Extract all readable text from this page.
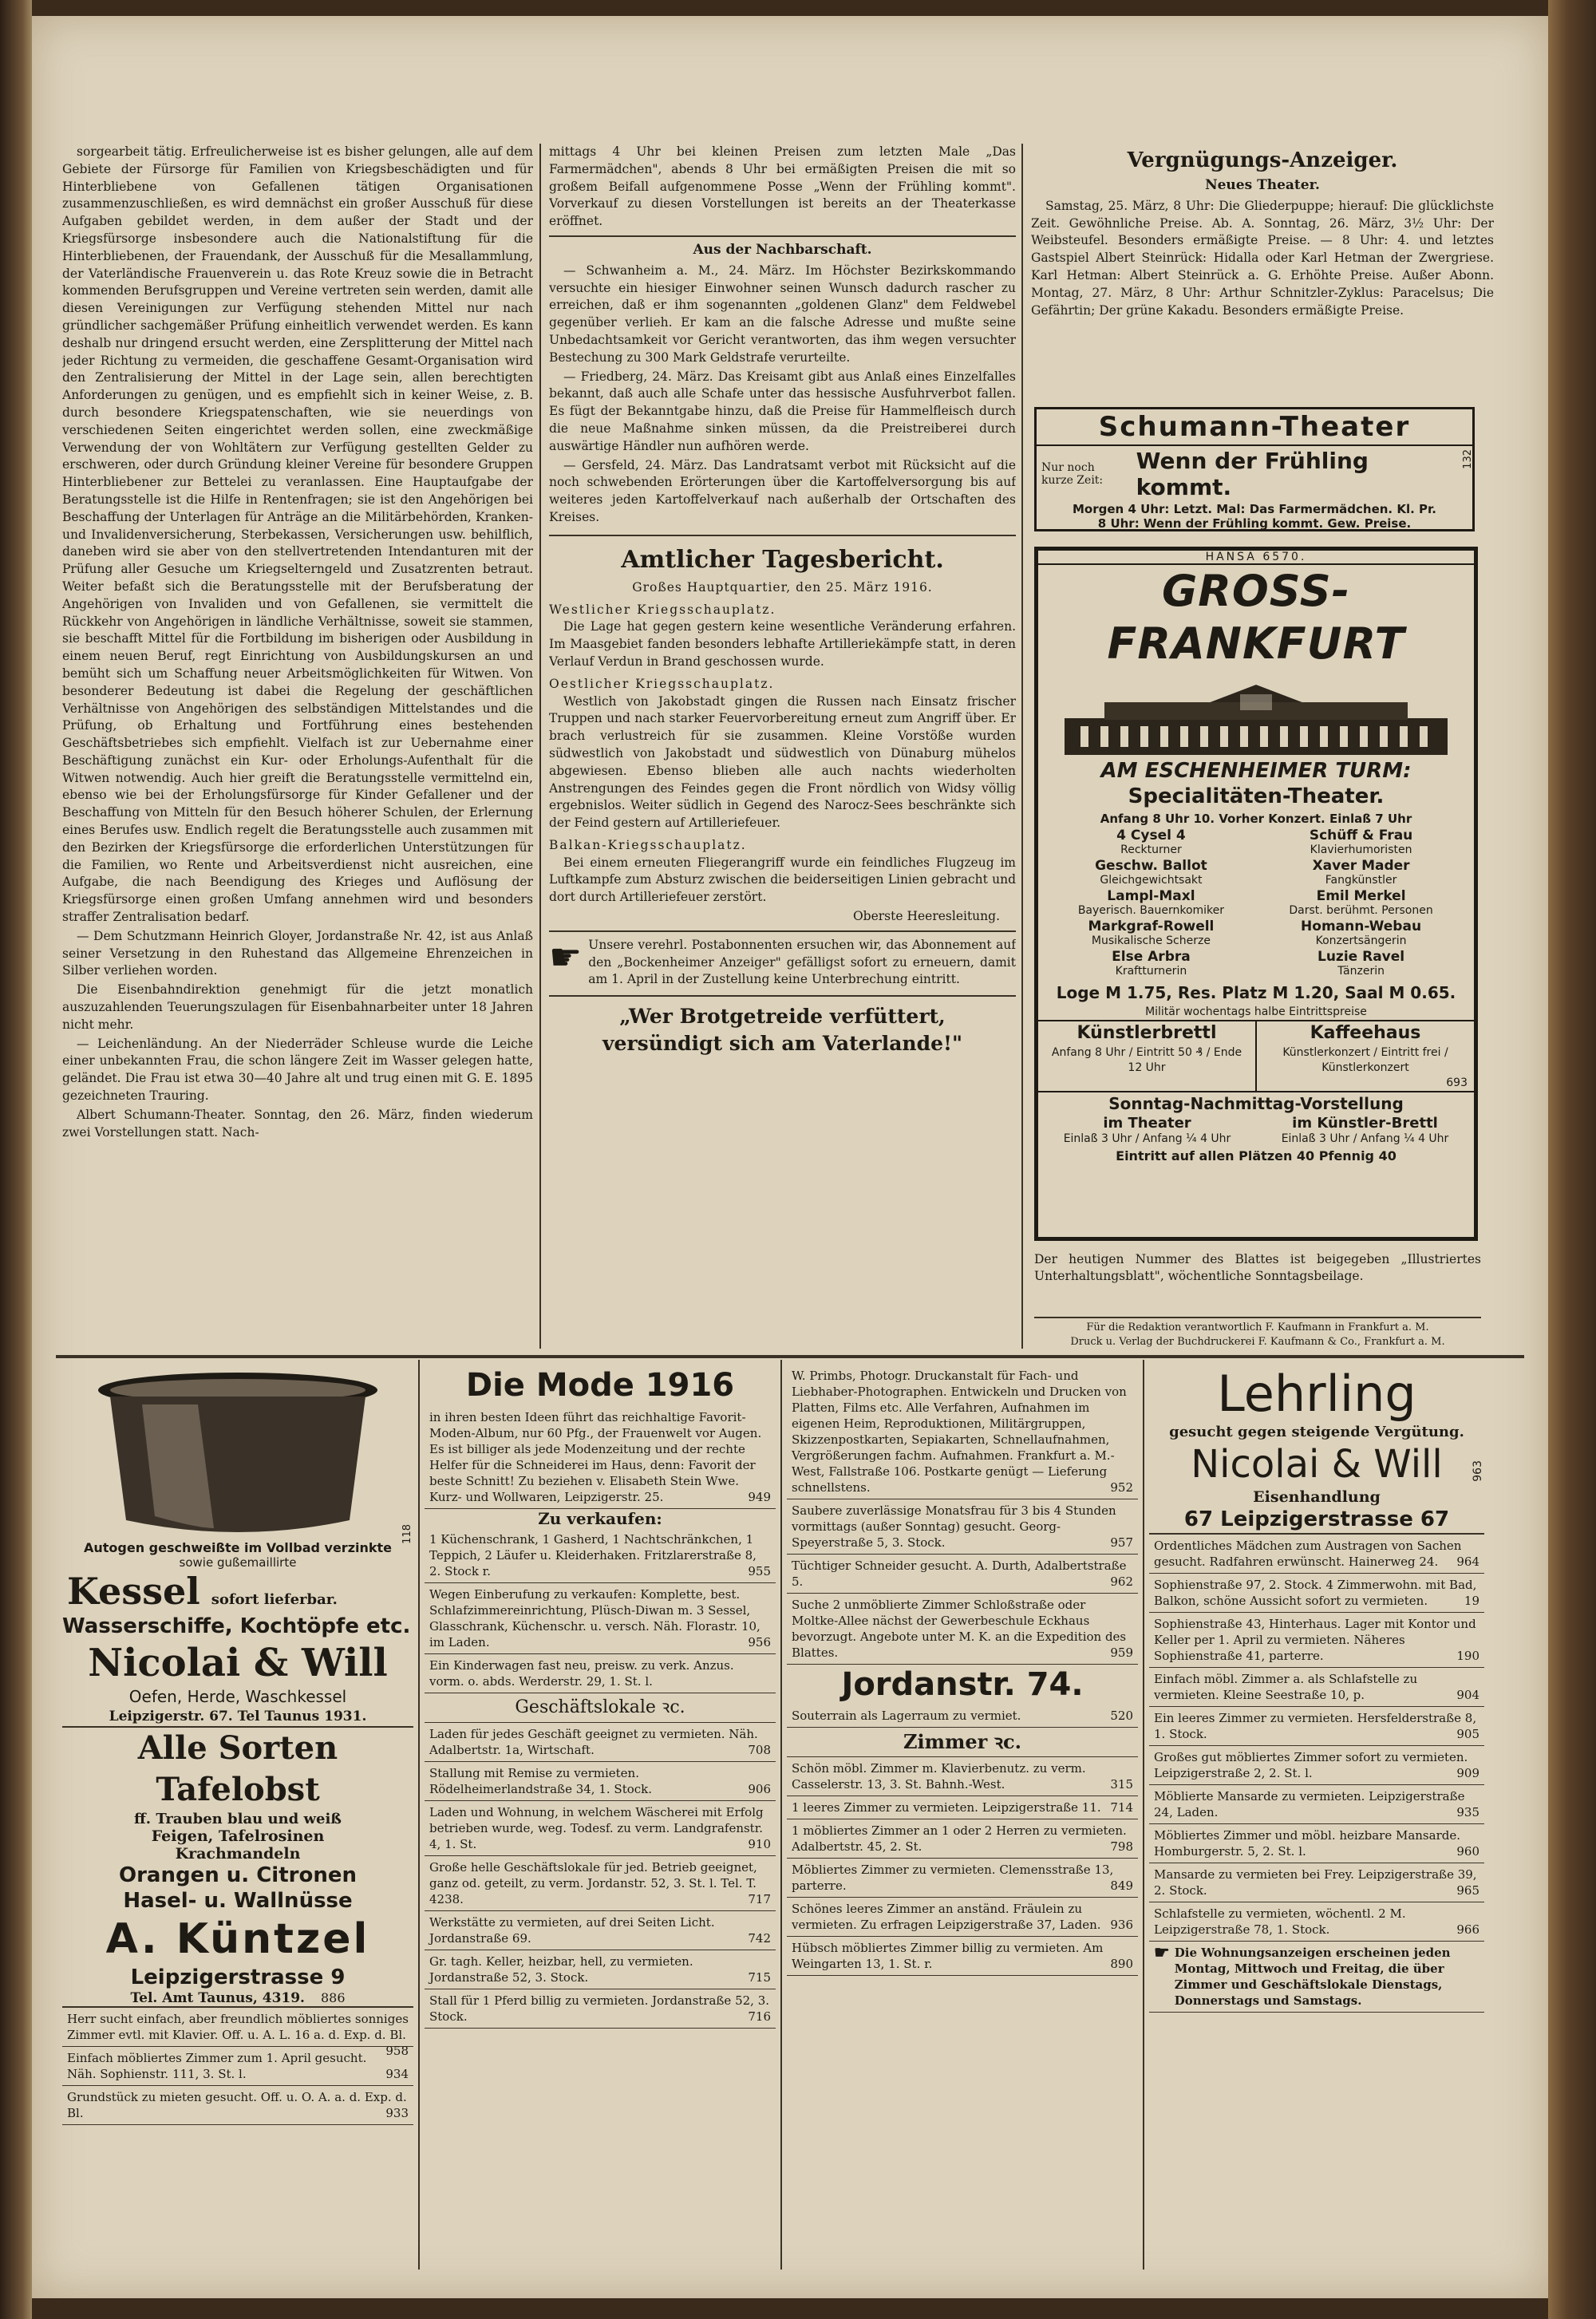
sorgearbeit tätig. Erfreulicherweise ist es bisher gelungen, alle auf dem Gebiete der Fürsorge für Familien von Kriegsbeschädigten und für Hinterbliebene von Gefallenen tätigen Organisationen zusammenzuschließen, es wird demnächst ein großer Ausschuß für diese Aufgaben gebildet werden, in dem außer der Stadt und der Kriegsfürsorge insbesondere auch die Nationalstiftung für die Hinterbliebenen, der Frauendank, der Ausschuß für die Mesallammlung, der Vaterländische Frauenverein u. das Rote Kreuz sowie die in Betracht kommenden Berufsgruppen und Vereine vertreten sein werden, damit alle diesen Vereinigungen zur Verfügung stehenden Mittel nur nach gründlicher sachgemäßer Prüfung einheitlich verwendet werden. Es kann deshalb nur dringend ersucht werden, eine Zersplitterung der Mittel nach jeder Richtung zu vermeiden, die geschaffene Gesamt-Organisation wird den Zentralisierung der Mittel in der Lage sein, allen berechtigten Anforderungen zu genügen, und es empfiehlt sich in keiner Weise, z. B. durch besondere Kriegspatenschaften, wie sie neuerdings von verschiedenen Seiten eingerichtet werden sollen, eine zweckmäßige Verwendung der von Wohltätern zur Verfügung gestellten Gelder zu erschweren, oder durch Gründung kleiner Vereine für besondere Gruppen Hinterbliebener zur Bettelei zu veranlassen. Eine Hauptaufgabe der Beratungsstelle ist die Hilfe in Rentenfragen; sie ist den Angehörigen bei Beschaffung der Unterlagen für Anträge an die Militärbehörden, Kranken- und Invalidenversicherung, Sterbekassen, Versicherungen usw. behilflich, daneben wird sie aber von den stellvertretenden Intendanturen mit der Prüfung aller Gesuche um Kriegselterngeld und Zusatzrenten betraut. Weiter befaßt sich die Beratungsstelle mit der Berufsberatung der Angehörigen von Invaliden und von Gefallenen, sie vermittelt die Rückkehr von Angehörigen in ländliche Verhältnisse, soweit sie stammen, sie beschafft Mittel für die Fortbildung im bisherigen oder Ausbildung in einem neuen Beruf, regt Einrichtung von Ausbildungskursen an und bemüht sich um Schaffung neuer Arbeitsmöglichkeiten für Witwen. Von besonderer Bedeutung ist dabei die Regelung der geschäftlichen Verhältnisse von Angehörigen des selbständigen Mittelstandes und die Prüfung, ob Erhaltung und Fortführung eines bestehenden Geschäftsbetriebes sich empfiehlt. Vielfach ist zur Uebernahme einer Beschäftigung zunächst ein Kur- oder Erholungs-Aufenthalt für die Witwen notwendig. Auch hier greift die Beratungsstelle vermittelnd ein, ebenso wie bei der Erholungsfürsorge für Kinder Gefallener und der Beschaffung von Mitteln für den Besuch höherer Schulen, der Erlernung eines Berufes usw. Endlich regelt die Beratungsstelle auch zusammen mit den Bezirken der Kriegsfürsorge die erforderlichen Unterstützungen für die Familien, wo Rente und Arbeitsverdienst nicht ausreichen, eine Aufgabe, die nach Beendigung des Krieges und Auflösung der Kriegsfürsorge einen großen Umfang annehmen wird und besonders straffer Zentralisation bedarf.

— Dem Schutzmann Heinrich Gloyer, Jordanstraße Nr. 42, ist aus Anlaß seiner Versetzung in den Ruhestand das Allgemeine Ehrenzeichen in Silber verliehen worden.

Die Eisenbahndirektion genehmigt für die jetzt monatlich auszuzahlenden Teuerungszulagen für Eisenbahnarbeiter unter 18 Jahren nicht mehr.

— Leichenländung. An der Niederräder Schleuse wurde die Leiche einer unbekannten Frau, die schon längere Zeit im Wasser gelegen hatte, geländet. Die Frau ist etwa 30—40 Jahre alt und trug einen mit G. E. 1895 gezeichneten Trauring.

Albert Schumann-Theater. Sonntag, den 26. März, finden wiederum zwei Vorstellungen statt. Nach-

mittags 4 Uhr bei kleinen Preisen zum letzten Male „Das Farmermädchen", abends 8 Uhr bei ermäßigten Preisen die mit so großem Beifall aufgenommene Posse „Wenn der Frühling kommt". Vorverkauf zu diesen Vorstellungen ist bereits an der Theaterkasse eröffnet.

Aus der Nachbarschaft.

— Schwanheim a. M., 24. März. Im Höchster Bezirkskommando versuchte ein hiesiger Einwohner seinen Wunsch dadurch rascher zu erreichen, daß er ihm sogenannten „goldenen Glanz" dem Feldwebel gegenüber verlieh. Er kam an die falsche Adresse und mußte seine Unbedachtsamkeit vor Gericht verantworten, das ihm wegen versuchter Bestechung zu 300 Mark Geldstrafe verurteilte.

— Friedberg, 24. März. Das Kreisamt gibt aus Anlaß eines Einzelfalles bekannt, daß auch alle Schafe unter das hessische Ausfuhrverbot fallen. Es fügt der Bekanntgabe hinzu, daß die Preise für Hammelfleisch durch die neue Maßnahme sinken müssen, da die Preistreiberei durch auswärtige Händler nun aufhören werde.

— Gersfeld, 24. März. Das Landratsamt verbot mit Rücksicht auf die noch schwebenden Erörterungen über die Kartoffelversorgung bis auf weiteres jeden Kartoffelverkauf nach außerhalb der Ortschaften des Kreises.

Amtlicher Tagesbericht.
Großes Hauptquartier, den 25. März 1916.
Westlicher Kriegsschauplatz.

Die Lage hat gegen gestern keine wesentliche Veränderung erfahren. Im Maasgebiet fanden besonders lebhafte Artilleriekämpfe statt, in deren Verlauf Verdun in Brand geschossen wurde.

Oestlicher Kriegsschauplatz.

Westlich von Jakobstadt gingen die Russen nach Einsatz frischer Truppen und nach starker Feuervorbereitung erneut zum Angriff über. Er brach verlustreich für sie zusammen. Kleine Vorstöße wurden südwestlich von Jakobstadt und südwestlich von Dünaburg mühelos abgewiesen. Ebenso blieben alle auch nachts wiederholten Anstrengungen des Feindes gegen die Front nördlich von Widsy völlig ergebnislos. Weiter südlich in Gegend des Narocz-Sees beschränkte sich der Feind gestern auf Artilleriefeuer.

Balkan-Kriegsschauplatz.

Bei einem erneuten Fliegerangriff wurde ein feindliches Flugzeug im Luftkampfe zum Absturz zwischen die beiderseitigen Linien gebracht und dort durch Artilleriefeuer zerstört.

Oberste Heeresleitung.
☛ Unsere verehrl. Postabonnenten ersuchen wir, das Abonnement auf den „Bockenheimer Anzeiger" gefälligst sofort zu erneuern, damit am 1. April in der Zustellung keine Unterbrechung eintritt.
„Wer Brotgetreide verfüttert,
versündigt sich am Vaterlande!"
Vergnügungs-Anzeiger.
Neues Theater.

Samstag, 25. März, 8 Uhr: Die Gliederpuppe; hierauf: Die glücklichste Zeit. Gewöhnliche Preise. Ab. A. Sonntag, 26. März, 3½ Uhr: Der Weibsteufel. Besonders ermäßigte Preise. — 8 Uhr: 4. und letztes Gastspiel Albert Steinrück: Hidalla oder Karl Hetman der Zwergriese. Karl Hetman: Albert Steinrück a. G. Erhöhte Preise. Außer Abonn. Montag, 27. März, 8 Uhr: Arthur Schnitzler-Zyklus: Paracelsus; Die Gefährtin; Der grüne Kakadu. Besonders ermäßigte Preise.

Schumann-Theater
Nur noch kurze Zeit:
Wenn der Frühling kommt.
Morgen 4 Uhr: Letzt. Mal: Das Farmermädchen. Kl. Pr.
8 Uhr: Wenn der Frühling kommt. Gew. Preise.
132
HANSA 6570.
GROSS-FRANKFURT
AM ESCHENHEIMER TURM:
Specialitäten-Theater.
Anfang 8 Uhr 10. Vorher Konzert. Einlaß 7 Uhr
4 Cysel 4
Reckturner
Schüff & Frau
Klavierhumoristen
Geschw. Ballot
Gleichgewichtsakt
Xaver Mader
Fangkünstler
Lampl-Maxl
Bayerisch. Bauernkomiker
Emil Merkel
Darst. berühmt. Personen
Markgraf-Rowell
Musikalische Scherze
Homann-Webau
Konzertsängerin
Else Arbra
Kraftturnerin
Luzie Ravel
Tänzerin
Loge M 1.75, Res. Platz M 1.20, Saal M 0.65.
Militär wochentags halbe Eintrittspreise
Künstlerbrettl
Anfang 8 Uhr / Eintritt 50 ₰ / Ende 12 Uhr
Kaffeehaus
Künstlerkonzert / Eintritt frei / Künstlerkonzert
693
Sonntag-Nachmittag-Vorstellung
im Theater
Einlaß 3 Uhr / Anfang ¼ 4 Uhr
im Künstler-Brettl
Einlaß 3 Uhr / Anfang ¼ 4 Uhr
Eintritt auf allen Plätzen 40 Pfennig 40
Der heutigen Nummer des Blattes ist beigegeben „Illustriertes Unterhaltungsblatt", wöchentliche Sonntagsbeilage.
Für die Redaktion verantwortlich F. Kaufmann in Frankfurt a. M.
Druck u. Verlag der Buchdruckerei F. Kaufmann & Co., Frankfurt a. M.
Autogen geschweißte im Vollbad verzinkte
sowie gußemaillirte
118
Kessel sofort lieferbar.
Wasserschiffe, Kochtöpfe etc.
Nicolai & Will
Oefen, Herde, Waschkessel
Leipzigerstr. 67. Tel Taunus 1931.
Alle Sorten Tafelobst
ff. Trauben blau und weiß
Feigen, Tafelrosinen
Krachmandeln
Orangen u. Citronen
Hasel- u. Wallnüsse
A. Küntzel
Leipzigerstrasse 9
Tel. Amt Taunus, 4319. 886
Herr sucht einfach, aber freundlich möbliertes sonniges Zimmer evtl. mit Klavier. Off. u. A. L. 16 a. d. Exp. d. Bl.
958
Einfach möbliertes Zimmer zum 1. April gesucht. Näh. Sophienstr. 111, 3. St. l.	934
Grundstück zu mieten gesucht. Off. u. O. A. a. d. Exp. d. Bl.	933
Die Mode 1916
in ihren besten Ideen führt das reichhaltige Favorit-Moden-Album, nur 60 Pfg., der Frauenwelt vor Augen. Es ist billiger als jede Modenzeitung und der rechte Helfer für die Schneiderei im Haus, denn: Favorit der beste Schnitt! Zu beziehen v. Elisabeth Stein Wwe. Kurz- und Wollwaren, Leipzigerstr. 25.	949
Zu verkaufen:
1 Küchenschrank, 1 Gasherd, 1 Nachtschränkchen, 1 Teppich, 2 Läufer u. Kleiderhaken. Fritzlarerstraße 8, 2. Stock r.	955
Wegen Einberufung zu verkaufen: Komplette, best. Schlafzimmereinrichtung, Plüsch-Diwan m. 3 Sessel, Glasschrank, Küchenschr. u. versch. Näh. Florastr. 10, im Laden.	956
Ein Kinderwagen fast neu, preisw. zu verk. Anzus. vorm. o. abds. Werderstr. 29, 1. St. l.
Geschäftslokale ꝛc.
Laden für jedes Geschäft geeignet zu vermieten. Näh. Adalbertstr. 1a, Wirtschaft.	708
Stallung mit Remise zu vermieten. Rödelheimerlandstraße 34, 1. Stock.	906
Laden und Wohnung, in welchem Wäscherei mit Erfolg betrieben wurde, weg. Todesf. zu verm. Landgrafenstr. 4, 1. St.	910
Große helle Geschäftslokale für jed. Betrieb geeignet, ganz od. geteilt, zu verm. Jordanstr. 52, 3. St. l. Tel. T. 4238.	717
Werkstätte zu vermieten, auf drei Seiten Licht. Jordanstraße 69.	742
Gr. tagh. Keller, heizbar, hell, zu vermieten. Jordanstraße 52, 3. Stock.	715
Stall für 1 Pferd billig zu vermieten. Jordanstraße 52, 3. Stock.	716
W. Primbs, Photogr. Druckanstalt für Fach- und Liebhaber-Photographen. Entwickeln und Drucken von Platten, Films etc. Alle Verfahren, Aufnahmen im eigenen Heim, Reproduktionen, Militärgruppen, Skizzenpostkarten, Sepiakarten, Schnellaufnahmen, Vergrößerungen fachm. Aufnahmen. Frankfurt a. M.-West, Fallstraße 106. Postkarte genügt — Lieferung schnellstens.	952
Saubere zuverlässige Monatsfrau für 3 bis 4 Stunden vormittags (außer Sonntag) gesucht. Georg-Speyerstraße 5, 3. Stock.	957
Tüchtiger Schneider gesucht. A. Durth, Adalbertstraße 5.	962
Suche 2 unmöblierte Zimmer Schloßstraße oder Moltke-Allee nächst der Gewerbeschule Eckhaus bevorzugt. Angebote unter M. K. an die Expedition des Blattes.	959
Jordanstr. 74.
Souterrain als Lagerraum zu vermiet.	520
Zimmer ꝛc.
Schön möbl. Zimmer m. Klavierbenutz. zu verm. Casselerstr. 13, 3. St. Bahnh.-West.	315
1 leeres Zimmer zu vermieten. Leipzigerstraße 11. 714
1 möbliertes Zimmer an 1 oder 2 Herren zu vermieten. Adalbertstr. 45, 2. St.	798
Möbliertes Zimmer zu vermieten. Clemensstraße 13, parterre.	849
Schönes leeres Zimmer an anständ. Fräulein zu vermieten. Zu erfragen Leipzigerstraße 37, Laden. 936
Hübsch möbliertes Zimmer billig zu vermieten. Am Weingarten 13, 1. St. r.	890
Lehrling
gesucht gegen steigende Vergütung.
Nicolai & Will	963
Eisenhandlung
67 Leipzigerstrasse 67
Ordentliches Mädchen zum Austragen von Sachen gesucht. Radfahren erwünscht. Hainerweg 24. 964
Sophienstraße 97, 2. Stock. 4 Zimmerwohn. mit Bad, Balkon, schöne Aussicht sofort zu vermieten.	19
Sophienstraße 43, Hinterhaus. Lager mit Kontor und Keller per 1. April zu vermieten. Näheres Sophienstraße 41, parterre.	190
Einfach möbl. Zimmer a. als Schlafstelle zu vermieten. Kleine Seestraße 10, p.	904
Ein leeres Zimmer zu vermieten. Hersfelderstraße 8, 1. Stock.	905
Großes gut möbliertes Zimmer sofort zu vermieten. Leipzigerstraße 2, 2. St. l.	909
Möblierte Mansarde zu vermieten. Leipzigerstraße 24, Laden.	935
Möbliertes Zimmer und möbl. heizbare Mansarde. Homburgerstr. 5, 2. St. l.	960
Mansarde zu vermieten bei Frey. Leipzigerstraße 39, 2. Stock.	965
Schlafstelle zu vermieten, wöchentl. 2 M. Leipzigerstraße 78, 1. Stock.	966
☛ Die Wohnungsanzeigen erscheinen jeden Montag, Mittwoch und Freitag, die über Zimmer und Geschäftslokale Dienstags, Donnerstags und Samstags.
